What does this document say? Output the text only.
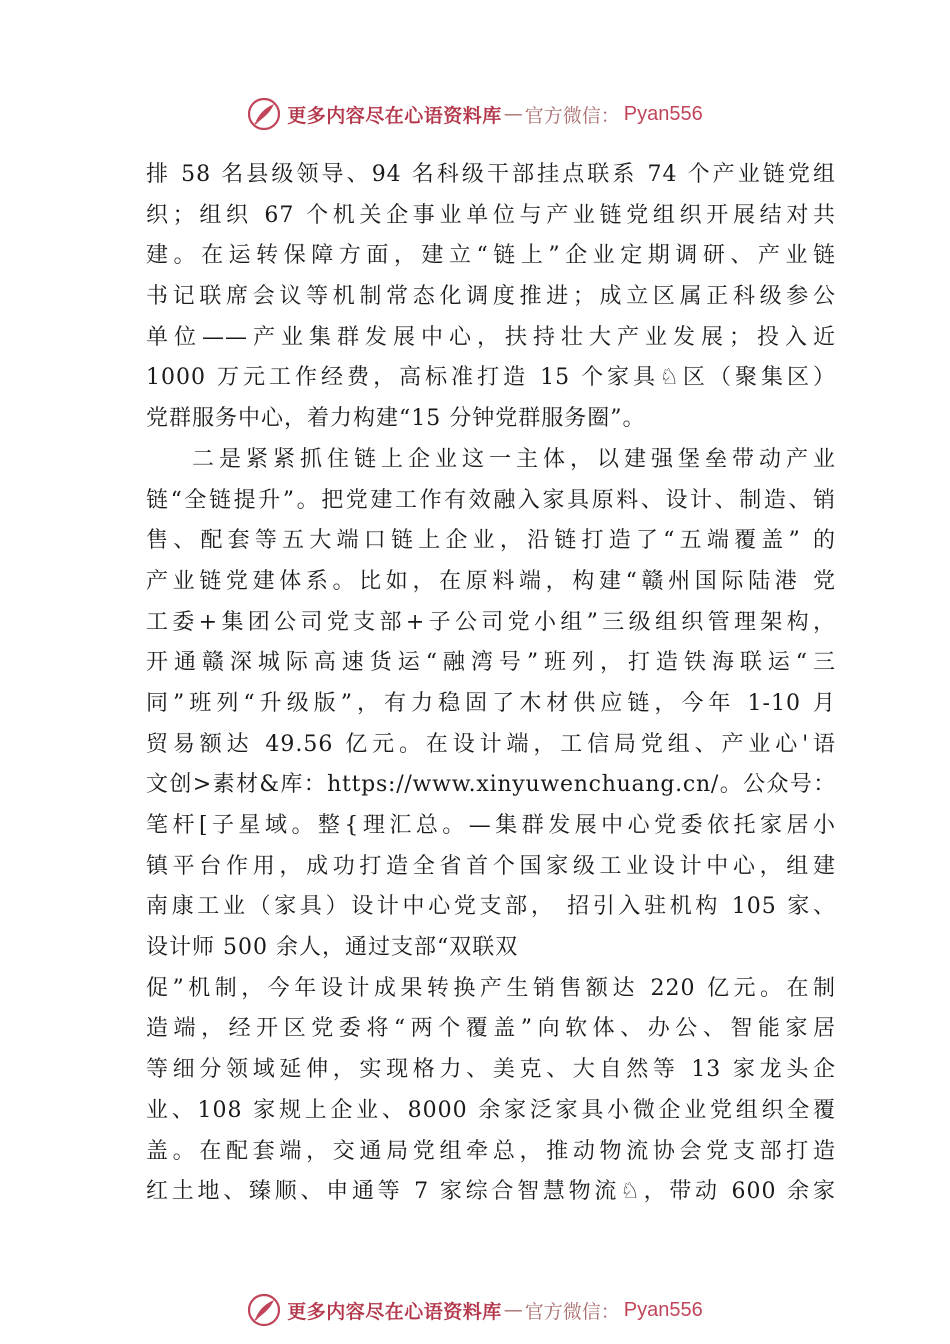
更多内容尽在心语资料库 — 官方微信： Pyan556
排 58 名县级领导、94 名科级干部挂点联系 74 个产业链党组
织；组织 67 个机关企事业单位与产业链党组织开展结对共
建。在运转保障方面，建立“链上”企业定期调研、产业链
书记联席会议等机制常态化调度推进；成立区属正科级参公
单位——产业集群发展中心，扶持壮大产业发展；投入近
1000 万元工作经费，高标准打造 15 个家具♘区（聚集区）
党群服务中心，着力构建“15 分钟党群服务圈”。
二是紧紧抓住链上企业这一主体，以建强堡垒带动产业
链“全链提升”。把党建工作有效融入家具原料、设计、制造、销
售、配套等五大端口链上企业，沿链打造了“五端覆盖” 的
产业链党建体系。比如，在原料端，构建“赣州国际陆港 党
工委+集团公司党支部+子公司党小组”三级组织管理架构，
开通赣深城际高速货运“融湾号”班列，打造铁海联运“三
同”班列“升级版”，有力稳固了木材供应链，今年 1-10 月
贸易额达 49.56 亿元。在设计端，工信局党组、产业心'语
文创>素材&库：https://www.xinyuwenchuang.cn/。公众号：
笔杆[子星域。整{理汇总。—集群发展中心党委依托家居小
镇平台作用，成功打造全省首个国家级工业设计中心，组建
南康工业（家具）设计中心党支部， 招引入驻机构 105 家、
设计师 500 余人，通过支部“双联双
促”机制，今年设计成果转换产生销售额达 220 亿元。在制
造端，经开区党委将“两个覆盖”向软体、办公、智能家居
等细分领域延伸，实现格力、美克、大自然等 13 家龙头企
业、108 家规上企业、8000 余家泛家具小微企业党组织全覆
盖。在配套端，交通局党组牵总，推动物流协会党支部打造
红土地、臻顺、申通等 7 家综合智慧物流♘，带动 600 余家
更多内容尽在心语资料库 — 官方微信： Pyan556
